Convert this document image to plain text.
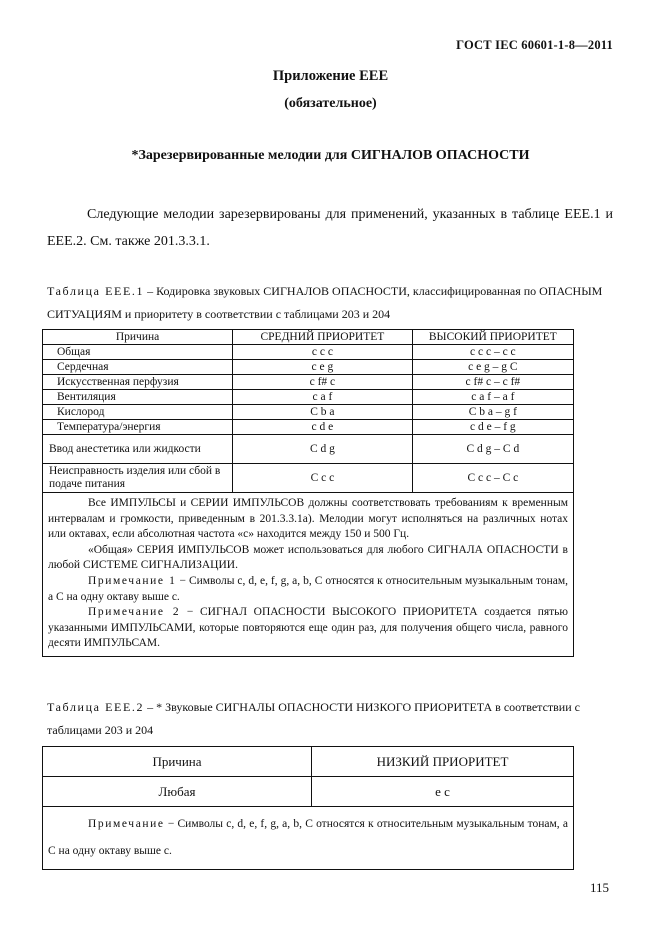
ГОСТ IEC 60601-1-8—2011
Приложение ЕЕЕ
(обязательное)
*Зарезервированные мелодии для СИГНАЛОВ ОПАСНОСТИ
Следующие мелодии зарезервированы для применений, указанных в таблице ЕЕЕ.1 и ЕЕЕ.2. См. также 201.3.3.1.
Таблица ЕЕЕ.1 – Кодировка звуковых СИГНАЛОВ ОПАСНОСТИ, классифицированная по ОПАСНЫМ СИТУАЦИЯМ и приоритету в соответствии с таблицами 203 и 204
Причина	СРЕДНИЙ ПРИОРИТЕТ	ВЫСОКИЙ ПРИОРИТЕТ
Общая	c c c	c c c – c c
Сердечная	c e g	c e g – g C
Искусственная перфузия	c f# c	c f# c – c f#
Вентиляция	c a f	c a f – a f
Кислород	C b a	C b a – g f
Температура/энергия	c d e	c d e – f g
Ввод анестетика или жидкости	C d g	C d g – C d
Неисправность изделия или сбой в подаче питания	C c c	C c c – C c

Все ИМПУЛЬСЫ и СЕРИИ ИМПУЛЬСОВ должны соответствовать требованиям к временным интервалам и громкости, приведенным в 201.3.3.1а). Мелодии могут исполняться на различных нотах или октавах, если абсолютная частота «с» находится между 150 и 500 Гц.

«Общая» СЕРИЯ ИМПУЛЬСОВ может использоваться для любого СИГНАЛА ОПАСНОСТИ в любой СИСТЕМЕ СИГНАЛИЗАЦИИ.

Примечание 1 − Символы c, d, e, f, g, a, b, C относятся к относительным музыкальным тонам, а С на одну октаву выше с.

Примечание 2 − СИГНАЛ ОПАСНОСТИ ВЫСОКОГО ПРИОРИТЕТА создается пятью указанными ИМПУЛЬСАМИ, которые повторяются еще один раз, для получения общего числа, равного десяти ИМПУЛЬСАМ.		

Таблица ЕЕЕ.2 – * Звуковые СИГНАЛЫ ОПАСНОСТИ НИЗКОГО ПРИОРИТЕТА в соответствии с таблицами 203 и 204
Причина	НИЗКИЙ ПРИОРИТЕТ
Любая	e c

Примечание − Символы c, d, e, f, g, a, b, C относятся к относительным музыкальным тонам, а С на одну октаву выше с.	

115
